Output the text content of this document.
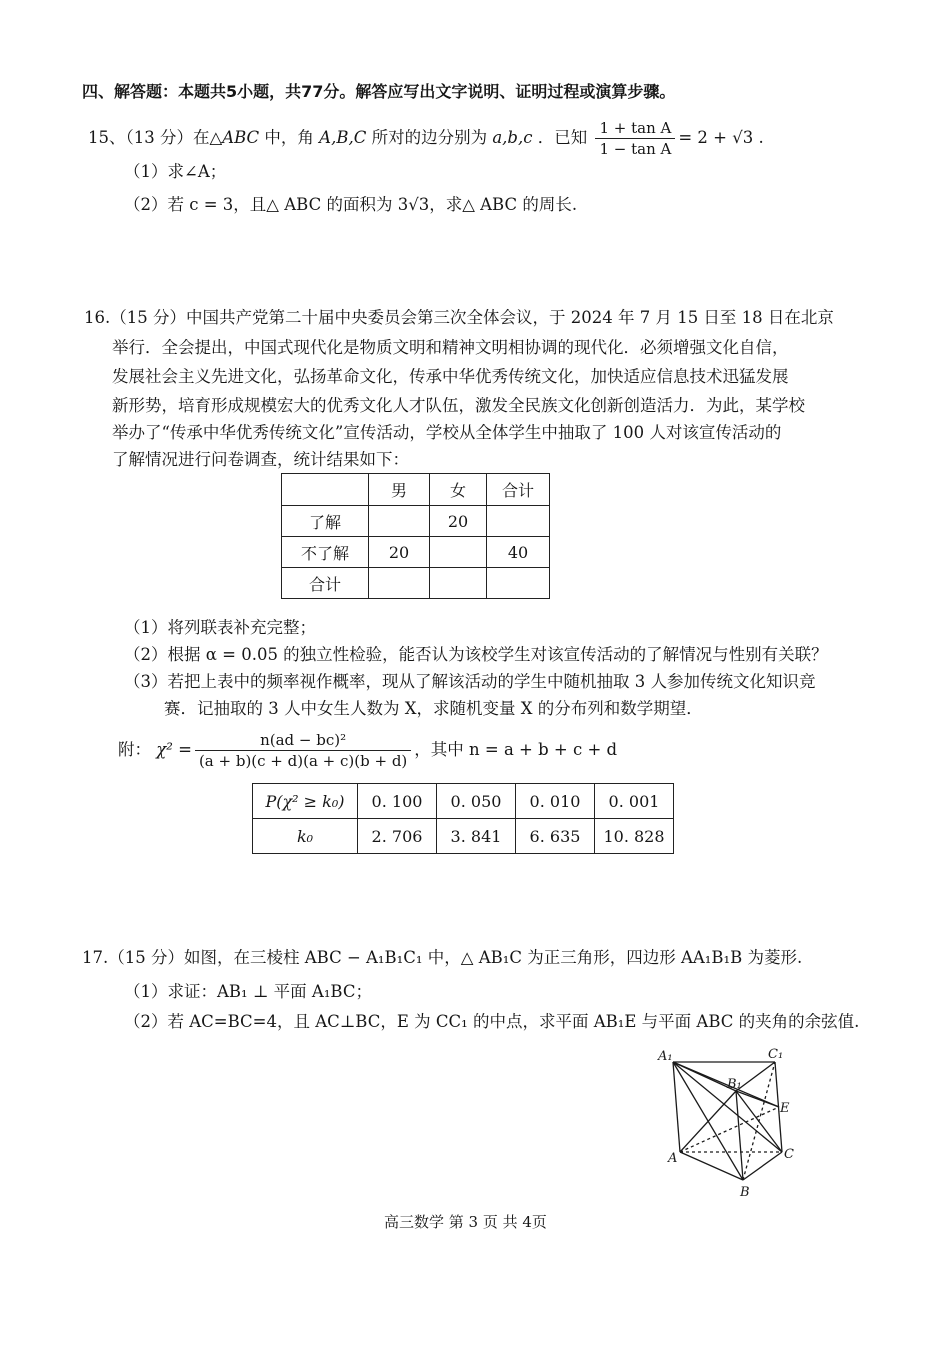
四、解答题：本题共5小题，共77分。解答应写出文字说明、证明过程或演算步骤。
15、（13 分）在△ABC 中，角 A,B,C 所对的边分别为 a,b,c ．已知 $\frac{\text{1 + tan A}}{\text{1 − tan A}} = 2 + √3$ .
（1）求∠A；
（2）若 c = 3，且△ ABC 的面积为 3√3，求△ ABC 的周长.
16.（15 分）中国共产党第二十届中央委员会第三次全体会议，于 2024 年 7 月 15 日至 18 日在北京
举行．全会提出，中国式现代化是物质文明和精神文明相协调的现代化．必须增强文化自信，
发展社会主义先进文化，弘扬革命文化，传承中华优秀传统文化，加快适应信息技术迅猛发展
新形势，培育形成规模宏大的优秀文化人才队伍，激发全民族文化创新创造活力．为此，某学校
举办了“传承中华优秀传统文化”宣传活动，学校从全体学生中抽取了 100 人对该宣传活动的
了解情况进行问卷调查，统计结果如下：
	男	女	合计
了解		20	
不了解	20		40
合计			
（1）将列联表补充完整；
（2）根据 α = 0.05 的独立性检验，能否认为该校学生对该宣传活动的了解情况与性别有关联？
（3）若把上表中的频率视作概率，现从了解该活动的学生中随机抽取 3 人参加传统文化知识竞
赛．记抽取的 3 人中女生人数为 X，求随机变量 X 的分布列和数学期望．
附： $\chi^2 = \frac{\text{n(ad − bc)²}}{(a + b)(c + d)(a + c)(b + d)}$ ，其中 n = a + b + c + d
P(χ² ≥ k₀)	0. 100	0. 050	0. 010	0. 001
k₀	2. 706	3. 841	6. 635	10. 828
17.（15 分）如图，在三棱柱 ABC − A₁B₁C₁ 中，△ AB₁C 为正三角形，四边形 AA₁B₁B 为菱形.
（1）求证：AB₁ ⊥ 平面 A₁BC；
（2）若 AC=BC=4，且 AC⊥BC，E 为 CC₁ 的中点，求平面 AB₁E 与平面 ABC 的夹角的余弦值.
A₁	C₁
B₁
E
A	C
B
高三数学 第 3 页 共 4页
